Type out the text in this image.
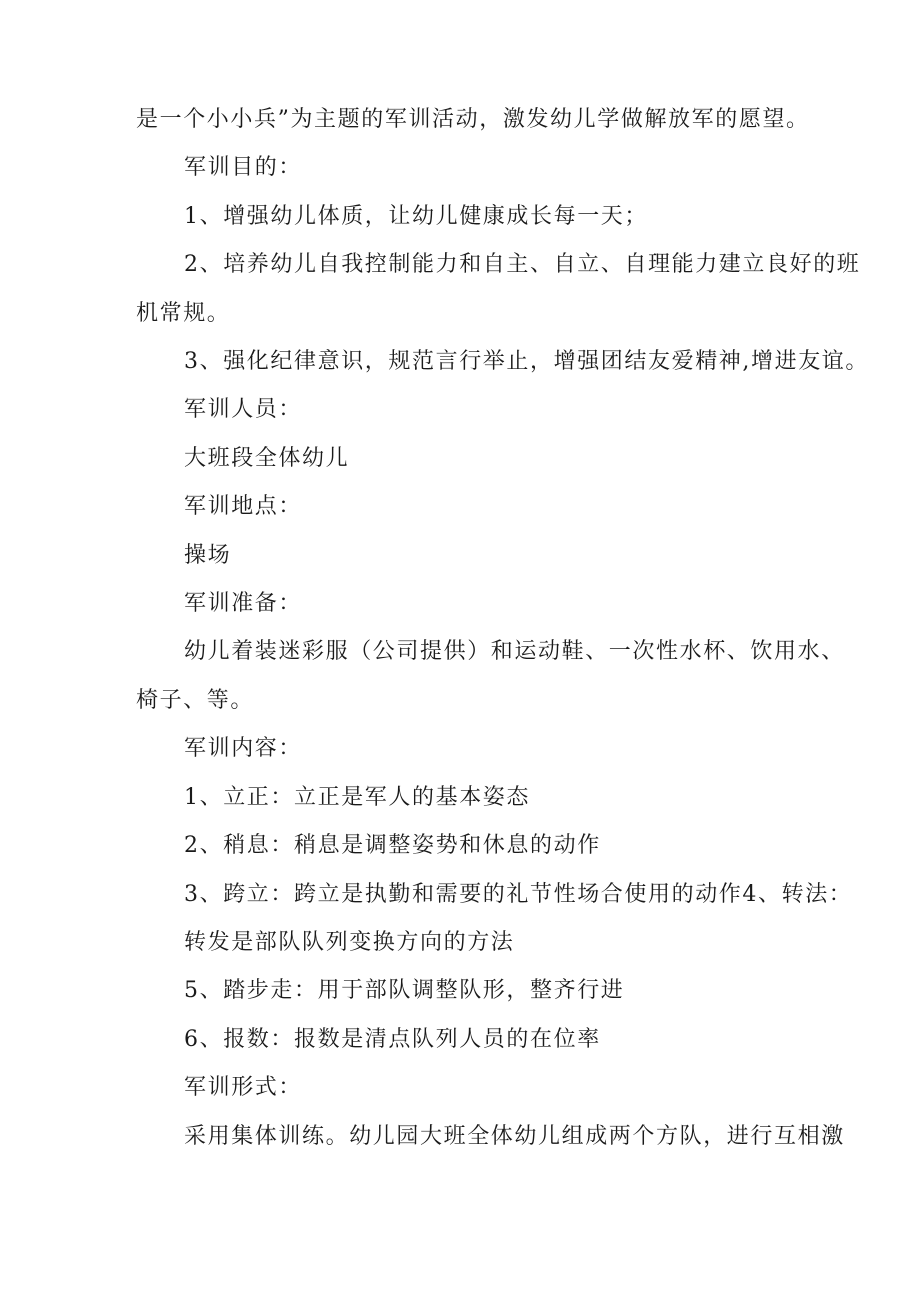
是一个小小兵”为主题的军训活动，激发幼儿学做解放军的愿望。

军训目的：

1、增强幼儿体质，让幼儿健康成长每一天；

2、培养幼儿自我控制能力和自主、自立、自理能力建立良好的班

机常规。

3、强化纪律意识，规范言行举止，增强团结友爱精神,增进友谊。

军训人员：

大班段全体幼儿

军训地点：

操场

军训准备：

幼儿着装迷彩服（公司提供）和运动鞋、一次性水杯、饮用水、

椅子、等。

军训内容：

1、立正：立正是军人的基本姿态

2、稍息：稍息是调整姿势和休息的动作

3、跨立：跨立是执勤和需要的礼节性场合使用的动作4、转法：

转发是部队队列变换方向的方法

5、踏步走：用于部队调整队形，整齐行进

6、报数：报数是清点队列人员的在位率

军训形式：

采用集体训练。幼儿园大班全体幼儿组成两个方队，进行互相激
